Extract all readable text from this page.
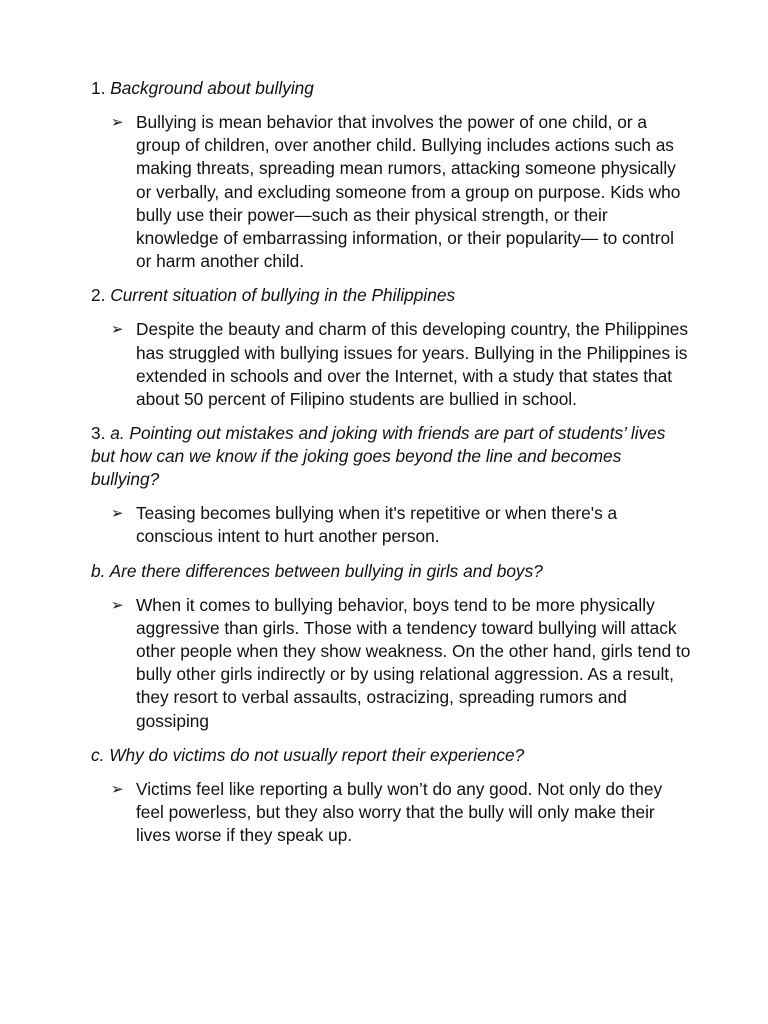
1. Background about bullying
➢ Bullying is mean behavior that involves the power of one child, or a group of children, over another child. Bullying includes actions such as making threats, spreading mean rumors, attacking someone physically or verbally, and excluding someone from a group on purpose. Kids who bully use their power—such as their physical strength, or their knowledge of embarrassing information, or their popularity— to control or harm another child.
2. Current situation of bullying in the Philippines
➢ Despite the beauty and charm of this developing country, the Philippines has struggled with bullying issues for years. Bullying in the Philippines is extended in schools and over the Internet, with a study that states that about 50 percent of Filipino students are bullied in school.
3. a. Pointing out mistakes and joking with friends are part of students’ lives but how can we know if the joking goes beyond the line and becomes bullying?
➢ Teasing becomes bullying when it's repetitive or when there's a conscious intent to hurt another person.
b. Are there differences between bullying in girls and boys?
➢ When it comes to bullying behavior, boys tend to be more physically aggressive than girls. Those with a tendency toward bullying will attack other people when they show weakness. On the other hand, girls tend to bully other girls indirectly or by using relational aggression. As a result, they resort to verbal assaults, ostracizing, spreading rumors and gossiping
c. Why do victims do not usually report their experience?
➢ Victims feel like reporting a bully won’t do any good. Not only do they feel powerless, but they also worry that the bully will only make their lives worse if they speak up.
